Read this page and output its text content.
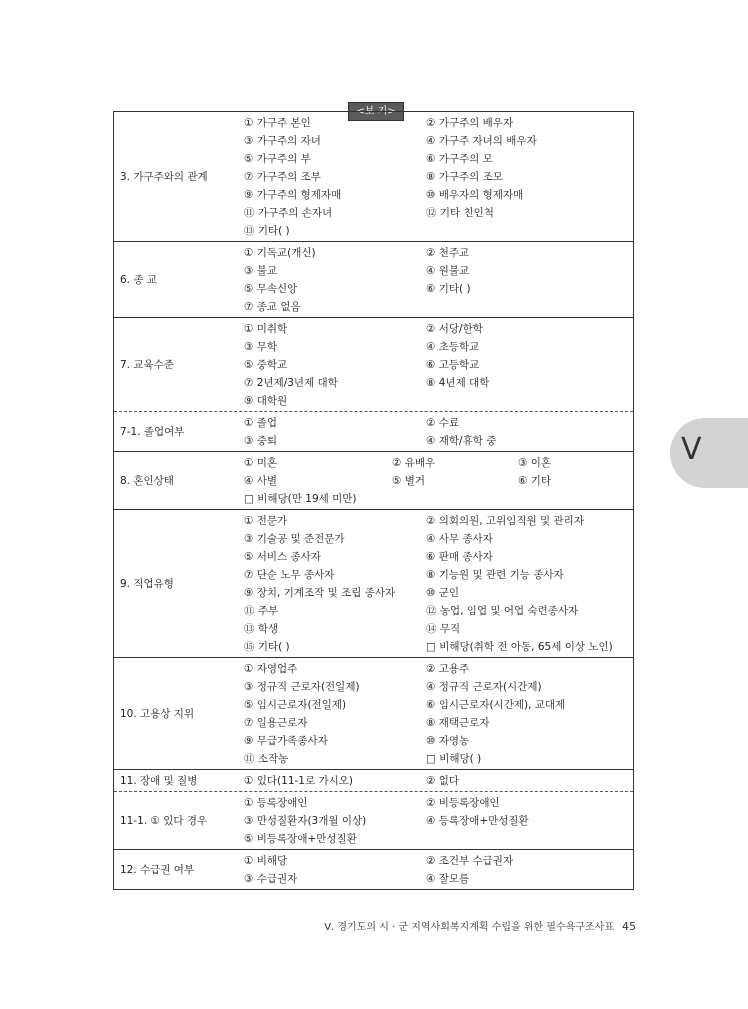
<보 기>
3. 가구주와의 관계
① 가구주 본인	② 가구주의 배우자
③ 가구주의 자녀	④ 가구주 자녀의 배우자
⑤ 가구주의 부	⑥ 가구주의 모
⑦ 가구주의 조부	⑧ 가구주의 조모
⑨ 가구주의 형제자매	⑩ 배우자의 형제자매
⑪ 가구주의 손자녀	⑫ 기타 친인척
⑬ 기타( )
6. 종 교
① 기독교(개신)	② 천주교
③ 불교	④ 원불교
⑤ 무속신앙	⑥ 기타( )
⑦ 종교 없음
7. 교육수준
① 미취학	② 서당/한학
③ 무학	④ 초등학교
⑤ 중학교	⑥ 고등학교
⑦ 2년제/3년제 대학	⑧ 4년제 대학
⑨ 대학원
7-1. 졸업여부
① 졸업	② 수료
③ 중퇴	④ 재학/휴학 중
8. 혼인상태
① 미혼	② 유배우	③ 이혼
④ 사별	⑤ 별거	⑥ 기타
□ 비해당(만 19세 미만)
9. 직업유형
① 전문가	② 의회의원, 고위임직원 및 관리자
③ 기술공 및 준전문가	④ 사무 종사자
⑤ 서비스 종사자	⑥ 판매 종사자
⑦ 단순 노무 종사자	⑧ 기능원 및 관련 기능 종사자
⑨ 장치, 기계조작 및 조립 종사자	⑩ 군인
⑪ 주부	⑫ 농업, 임업 및 어업 숙련종사자
⑬ 학생	⑭ 무직
⑮ 기타( )	□ 비해당(취학 전 아동, 65세 이상 노인)
10. 고용상 지위
① 자영업주	② 고용주
③ 정규직 근로자(전일제)	④ 정규직 근로자(시간제)
⑤ 임시근로자(전일제)	⑥ 임시근로자(시간제), 교대제
⑦ 일용근로자	⑧ 재택근로자
⑨ 무급가족종사자	⑩ 자영농
⑪ 소작농	□ 비해당( )
11. 장애 및 질병	① 있다(11-1로 가시오)	② 없다
11-1. ① 있다 경우
① 등록장애인	② 비등록장애인
③ 만성질환자(3개월 이상)	④ 등록장애+만성질환
⑤ 비등록장애+만성질환
12. 수급권 여부
① 비해당	② 조건부 수급권자
③ 수급권자	④ 잘모름
V
Ⅴ. 경기도의 시 · 군 지역사회복지계획 수립을 위한 필수욕구조사표 45
